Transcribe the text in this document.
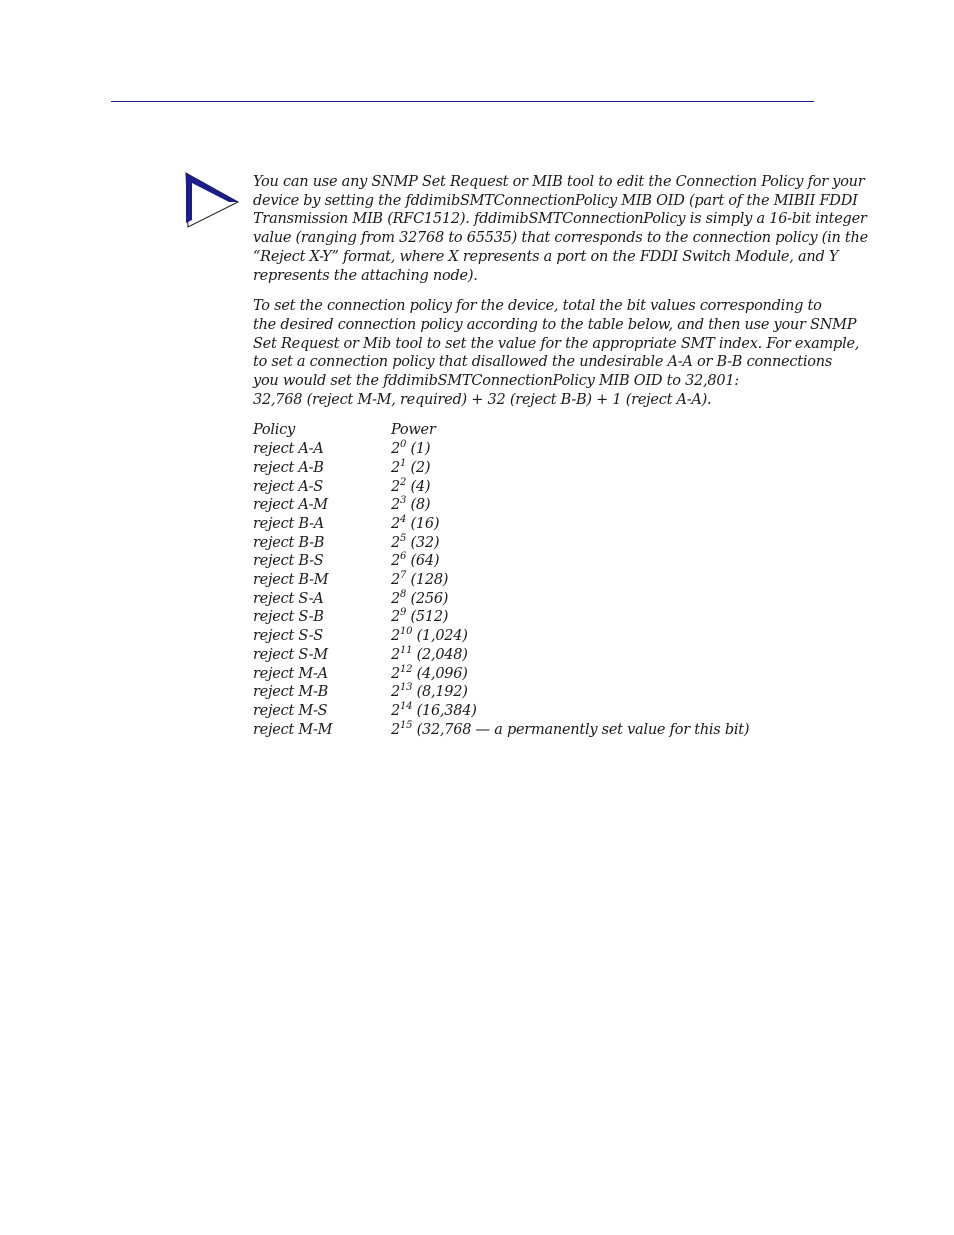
You can use any SNMP Set Request or MIB tool to edit the Connection Policy for your
device by setting the fddimibSMTConnectionPolicy MIB OID (part of the MIBII FDDI
Transmission MIB (RFC1512). fddimibSMTConnectionPolicy is simply a 16-bit integer
value (ranging from 32768 to 65535) that corresponds to the connection policy (in the
“Reject X-Y” format, where X represents a port on the FDDI Switch Module, and Y
represents the attaching node).

To set the connection policy for the device, total the bit values corresponding to
the desired connection policy according to the table below, and then use your SNMP
Set Request or Mib tool to set the value for the appropriate SMT index. For example,
to set a connection policy that disallowed the undesirable A-A or B-B connections
you would set the fddimibSMTConnectionPolicy MIB OID to 32,801:
32,768 (reject M-M, required) + 32 (reject B-B) + 1 (reject A-A).

Policy	Power
reject A-A	$2^0$ (1)
reject A-B	$2^1$ (2)
reject A-S	$2^2$ (4)
reject A-M	$2^3$ (8)
reject B-A	$2^4$ (16)
reject B-B	$2^5$ (32)
reject B-S	$2^6$ (64)
reject B-M	$2^7$ (128)
reject S-A	$2^8$ (256)
reject S-B	$2^9$ (512)
reject S-S	$2^{10}$ (1,024)
reject S-M	$2^{11}$ (2,048)
reject M-A	$2^{12}$ (4,096)
reject M-B	$2^{13}$ (8,192)
reject M-S	$2^{14}$ (16,384)
reject M-M	$2^{15}$ (32,768 — a permanently set value for this bit)
